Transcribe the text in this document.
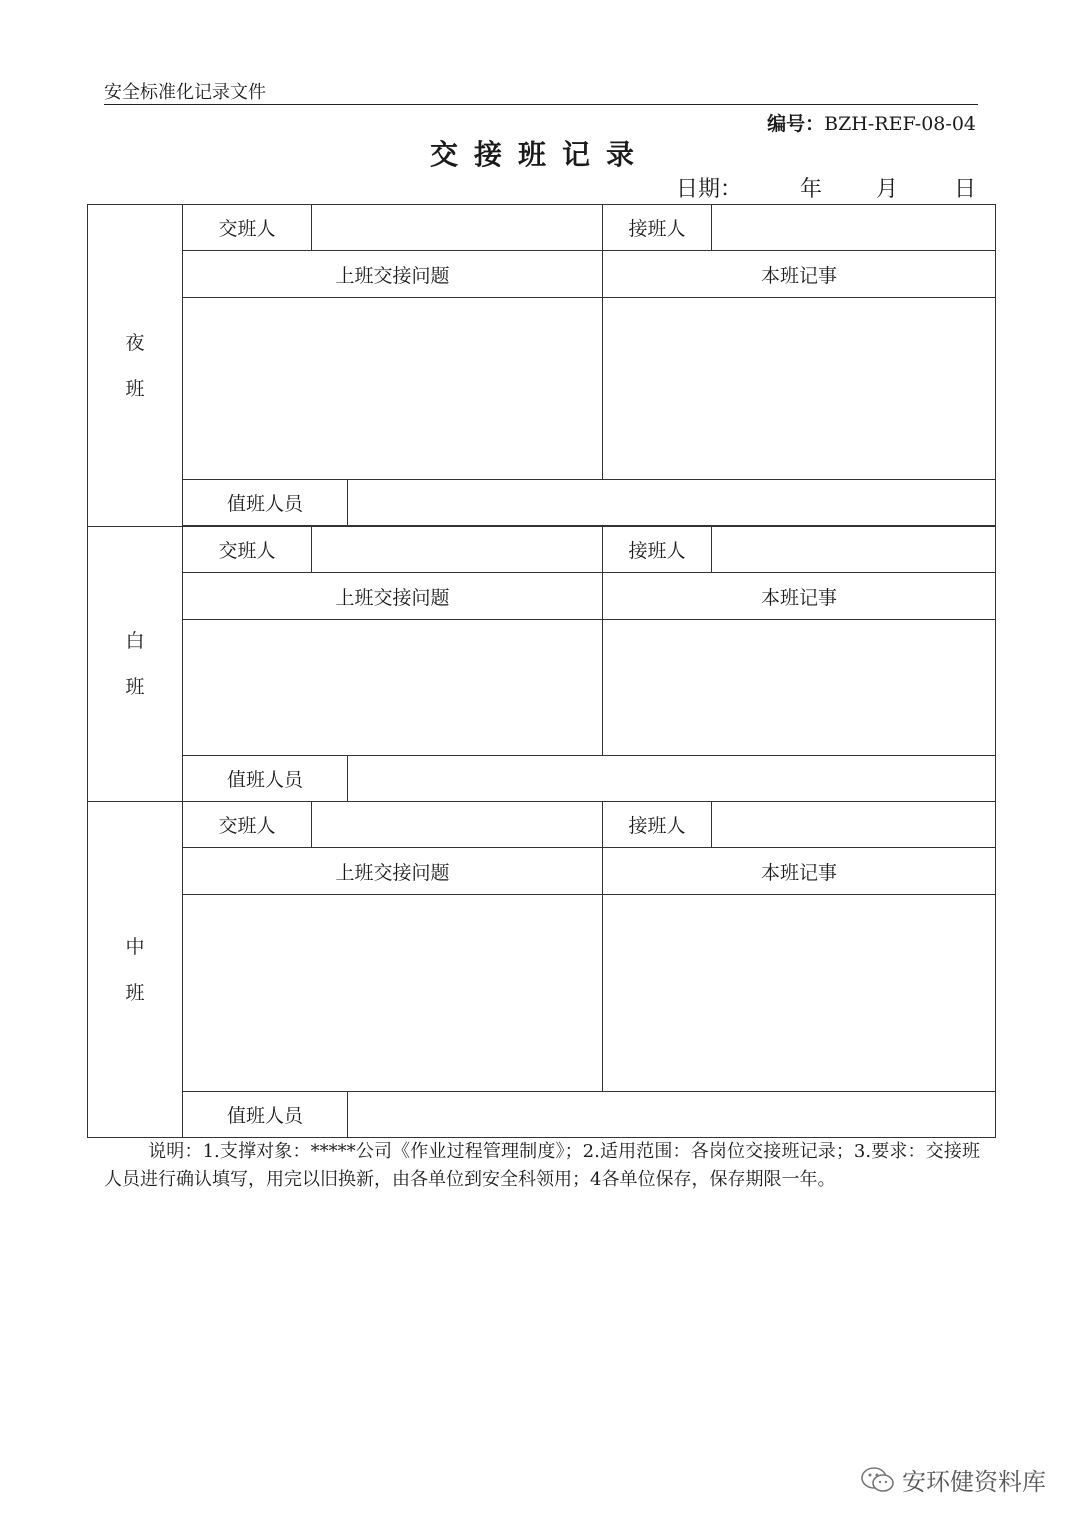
安全标准化记录文件
编号：BZH-REF-08-04
交接班记录
日期：	年 月	日
夜
班	交班人			接班人	
	上班交接问题			本班记事	

	值班人员				

白
班	交班人			接班人	
	上班交接问题			本班记事	

	值班人员				

中
班	交班人			接班人	
	上班交接问题			本班记事	

	值班人员				
说明：1.支撑对象：*****公司《作业过程管理制度》；2.适用范围：各岗位交接班记录；3.要求：交接班人员进行确认填写，用完以旧换新，由各单位到安全科领用；4各单位保存，保存期限一年。
安环健资料库
